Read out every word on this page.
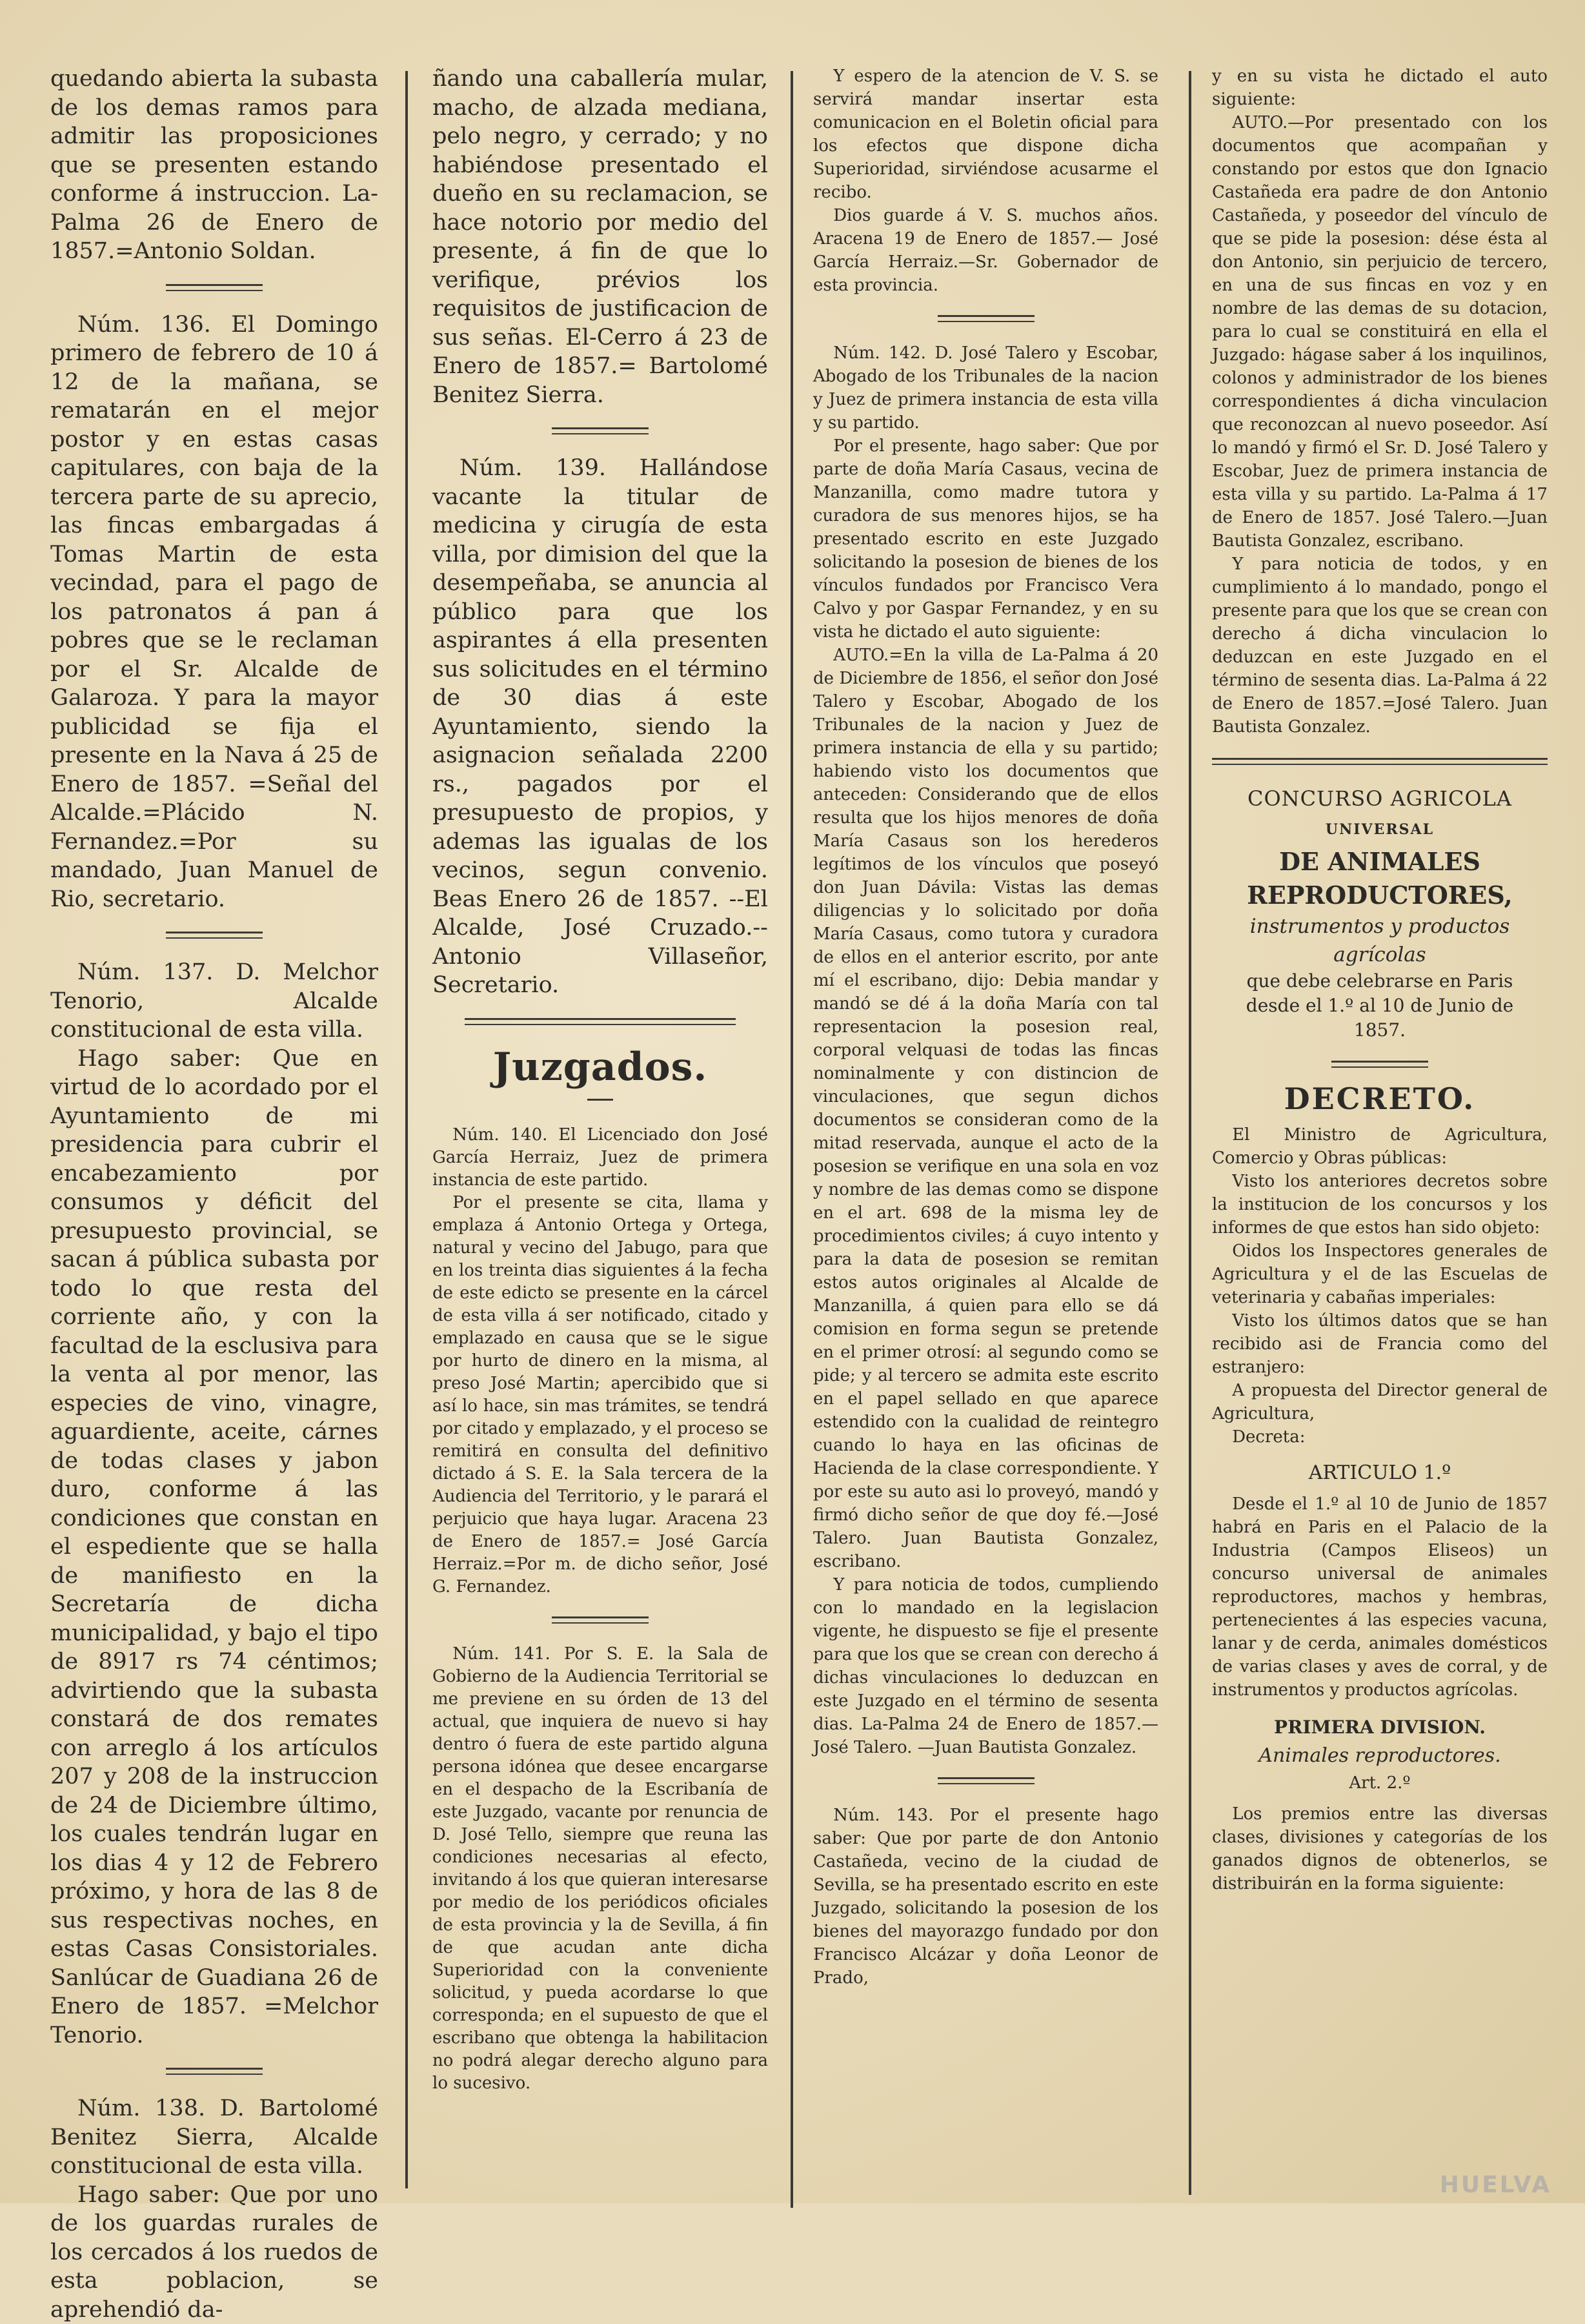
quedando abierta la subasta de los demas ramos para admitir las proposiciones que se presenten estando conforme á instruccion. La-Palma 26 de Enero de 1857.=Antonio Soldan.

Núm. 136. El Domingo primero de febrero de 10 á 12 de la mañana, se rematarán en el mejor postor y en estas casas capitulares, con baja de la tercera parte de su aprecio, las fincas embargadas á Tomas Martin de esta vecindad, para el pago de los patronatos á pan á pobres que se le reclaman por el Sr. Alcalde de Galaroza. Y para la mayor publicidad se fija el presente en la Nava á 25 de Enero de 1857. =Señal del Alcalde.=Plácido N. Fernandez.=Por su mandado, Juan Manuel de Rio, secretario.

Núm. 137. D. Melchor Tenorio, Alcalde constitucional de esta villa.

Hago saber: Que en virtud de lo acordado por el Ayuntamiento de mi presidencia para cubrir el encabezamiento por consumos y déficit del presupuesto provincial, se sacan á pública subasta por todo lo que resta del corriente año, y con la facultad de la esclusiva para la venta al por menor, las especies de vino, vinagre, aguardiente, aceite, cárnes de todas clases y jabon duro, conforme á las condiciones que constan en el espediente que se halla de manifiesto en la Secretaría de dicha municipalidad, y bajo el tipo de 8917 rs 74 céntimos; advirtiendo que la subasta constará de dos remates con arreglo á los artículos 207 y 208 de la instruccion de 24 de Diciembre último, los cuales tendrán lugar en los dias 4 y 12 de Febrero próximo, y hora de las 8 de sus respectivas noches, en estas Casas Consistoriales. Sanlúcar de Guadiana 26 de Enero de 1857. =Melchor Tenorio.

Núm. 138. D. Bartolomé Benitez Sierra, Alcalde constitucional de esta villa.

Hago saber: Que por uno de los guardas rurales de los cercados á los ruedos de esta poblacion, se aprehendió da-

ñando una caballería mular, macho, de alzada mediana, pelo negro, y cerrado; y no habiéndose presentado el dueño en su reclamacion, se hace notorio por medio del presente, á fin de que lo verifique, prévios los requisitos de justificacion de sus señas. El-Cerro á 23 de Enero de 1857.= Bartolomé Benitez Sierra.

Núm. 139. Hallándose vacante la titular de medicina y cirugía de esta villa, por dimision del que la desempeñaba, se anuncia al público para que los aspirantes á ella presenten sus solicitudes en el término de 30 dias á este Ayuntamiento, siendo la asignacion señalada 2200 rs., pagados por el presupuesto de propios, y ademas las igualas de los vecinos, segun convenio. Beas Enero 26 de 1857. --El Alcalde, José Cruzado.-- Antonio Villaseñor, Secretario.

Juzgados.

Núm. 140. El Licenciado don José García Herraiz, Juez de primera instancia de este partido.

Por el presente se cita, llama y emplaza á Antonio Ortega y Ortega, natural y vecino del Jabugo, para que en los treinta dias siguientes á la fecha de este edicto se presente en la cárcel de esta villa á ser notificado, citado y emplazado en causa que se le sigue por hurto de dinero en la misma, al preso José Martin; apercibido que si así lo hace, sin mas trámites, se tendrá por citado y emplazado, y el proceso se remitirá en consulta del definitivo dictado á S. E. la Sala tercera de la Audiencia del Territorio, y le parará el perjuicio que haya lugar. Aracena 23 de Enero de 1857.= José García Herraiz.=Por m. de dicho señor, José G. Fernandez.

Núm. 141. Por S. E. la Sala de Gobierno de la Audiencia Territorial se me previene en su órden de 13 del actual, que inquiera de nuevo si hay dentro ó fuera de este partido alguna persona idónea que desee encargarse en el despacho de la Escribanía de este Juzgado, vacante por renuncia de D. José Tello, siempre que reuna las condiciones necesarias al efecto, invitando á los que quieran interesarse por medio de los periódicos oficiales de esta provincia y la de Sevilla, á fin de que acudan ante dicha Superioridad con la conveniente solicitud, y pueda acordarse lo que corresponda; en el supuesto de que el escribano que obtenga la habilitacion no podrá alegar derecho alguno para lo sucesivo.

Y espero de la atencion de V. S. se servirá mandar insertar esta comunicacion en el Boletin oficial para los efectos que dispone dicha Superioridad, sirviéndose acusarme el recibo.

Dios guarde á V. S. muchos años. Aracena 19 de Enero de 1857.— José García Herraiz.—Sr. Gobernador de esta provincia.

Núm. 142. D. José Talero y Escobar, Abogado de los Tribunales de la nacion y Juez de primera instancia de esta villa y su partido.

Por el presente, hago saber: Que por parte de doña María Casaus, vecina de Manzanilla, como madre tutora y curadora de sus menores hijos, se ha presentado escrito en este Juzgado solicitando la posesion de bienes de los vínculos fundados por Francisco Vera Calvo y por Gaspar Fernandez, y en su vista he dictado el auto siguiente:

AUTO.=En la villa de La-Palma á 20 de Diciembre de 1856, el señor don José Talero y Escobar, Abogado de los Tribunales de la nacion y Juez de primera instancia de ella y su partido; habiendo visto los documentos que anteceden: Considerando que de ellos resulta que los hijos menores de doña María Casaus son los herederos legítimos de los vínculos que poseyó don Juan Dávila: Vistas las demas diligencias y lo solicitado por doña María Casaus, como tutora y curadora de ellos en el anterior escrito, por ante mí el escribano, dijo: Debia mandar y mandó se dé á la doña María con tal representacion la posesion real, corporal velquasi de todas las fincas nominalmente y con distincion de vinculaciones, que segun dichos documentos se consideran como de la mitad reservada, aunque el acto de la posesion se verifique en una sola en voz y nombre de las demas como se dispone en el art. 698 de la misma ley de procedimientos civiles; á cuyo intento y para la data de posesion se remitan estos autos originales al Alcalde de Manzanilla, á quien para ello se dá comision en forma segun se pretende en el primer otrosí: al segundo como se pide; y al tercero se admita este escrito en el papel sellado en que aparece estendido con la cualidad de reintegro cuando lo haya en las oficinas de Hacienda de la clase correspondiente. Y por este su auto asi lo proveyó, mandó y firmó dicho señor de que doy fé.—José Talero. Juan Bautista Gonzalez, escribano.

Y para noticia de todos, cumpliendo con lo mandado en la legislacion vigente, he dispuesto se fije el presente para que los que se crean con derecho á dichas vinculaciones lo deduzcan en este Juzgado en el término de sesenta dias. La-Palma 24 de Enero de 1857.—José Talero. —Juan Bautista Gonzalez.

Núm. 143. Por el presente hago saber: Que por parte de don Antonio Castañeda, vecino de la ciudad de Sevilla, se ha presentado escrito en este Juzgado, solicitando la posesion de los bienes del mayorazgo fundado por don Francisco Alcázar y doña Leonor de Prado,

y en su vista he dictado el auto siguiente:

AUTO.—Por presentado con los documentos que acompañan y constando por estos que don Ignacio Castañeda era padre de don Antonio Castañeda, y poseedor del vínculo de que se pide la posesion: dése ésta al don Antonio, sin perjuicio de tercero, en una de sus fincas en voz y en nombre de las demas de su dotacion, para lo cual se constituirá en ella el Juzgado: hágase saber á los inquilinos, colonos y administrador de los bienes correspondientes á dicha vinculacion que reconozcan al nuevo poseedor. Así lo mandó y firmó el Sr. D. José Talero y Escobar, Juez de primera instancia de esta villa y su partido. La-Palma á 17 de Enero de 1857. José Talero.—Juan Bautista Gonzalez, escribano.

Y para noticia de todos, y en cumplimiento á lo mandado, pongo el presente para que los que se crean con derecho á dicha vinculacion lo deduzcan en este Juzgado en el término de sesenta dias. La-Palma á 22 de Enero de 1857.=José Talero. Juan Bautista Gonzalez.

CONCURSO AGRICOLA

UNIVERSAL

DE ANIMALES REPRODUCTORES,

instrumentos y productos agrícolas

que debe celebrarse en Paris desde el 1.º al 10 de Junio de 1857.

DECRETO.

El Ministro de Agricultura, Comercio y Obras públicas:

Visto los anteriores decretos sobre la institucion de los concursos y los informes de que estos han sido objeto:

Oidos los Inspectores generales de Agricultura y el de las Escuelas de veterinaria y cabañas imperiales:

Visto los últimos datos que se han recibido asi de Francia como del estranjero:

A propuesta del Director general de Agricultura,

Decreta:

ARTICULO 1.º

Desde el 1.º al 10 de Junio de 1857 habrá en Paris en el Palacio de la Industria (Campos Eliseos) un concurso universal de animales reproductores, machos y hembras, pertenecientes á las especies vacuna, lanar y de cerda, animales domésticos de varias clases y aves de corral, y de instrumentos y productos agrícolas.

PRIMERA DIVISION.

Animales reproductores.

Art. 2.º

Los premios entre las diversas clases, divisiones y categorías de los ganados dignos de obtenerlos, se distribuirán en la forma siguiente:

HUELVA
